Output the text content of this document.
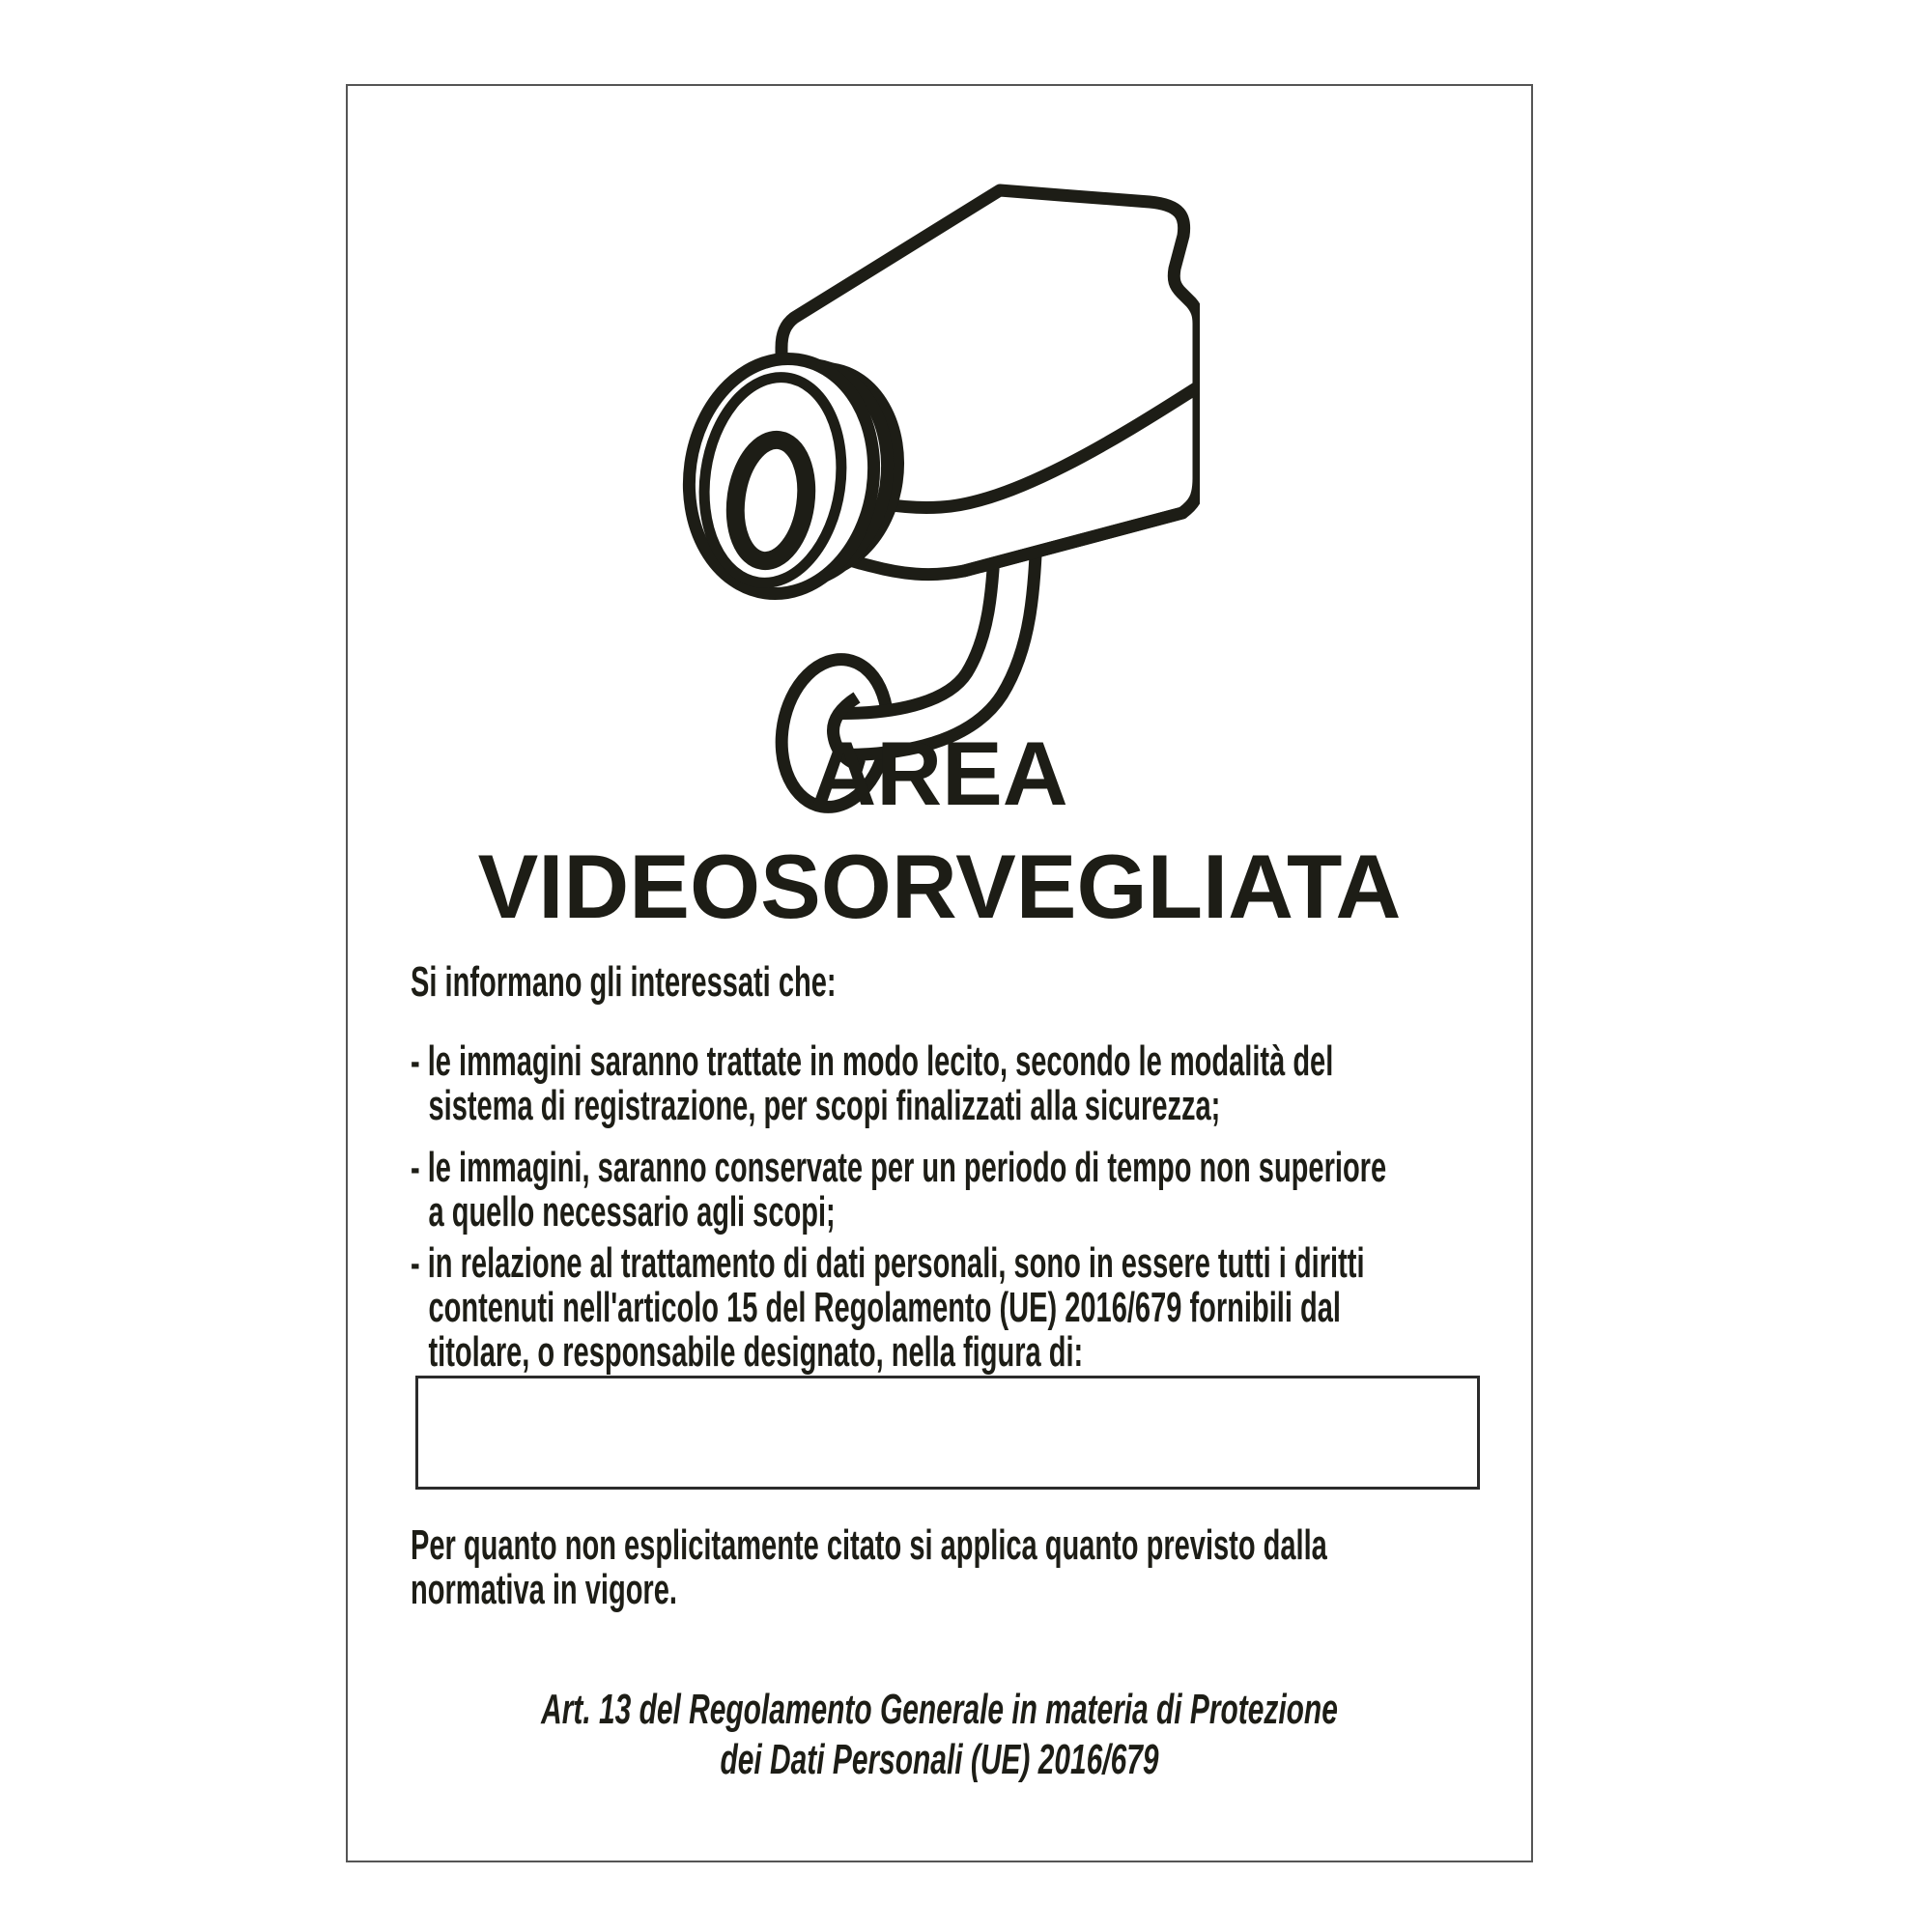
AREA
VIDEOSORVEGLIATA
Si informano gli interessati che:
- le immagini saranno trattate in modo lecito, secondo le modalità del
sistema di registrazione, per scopi finalizzati alla sicurezza;
- le immagini, saranno conservate per un periodo di tempo non superiore
a quello necessario agli scopi;
- in relazione al trattamento di dati personali, sono in essere tutti i diritti
contenuti nell'articolo 15 del Regolamento (UE) 2016/679 fornibili dal
titolare, o responsabile designato, nella figura di:
Per quanto non esplicitamente citato si applica quanto previsto dalla
normativa in vigore.
Art. 13 del Regolamento Generale in materia di Protezione
dei Dati Personali (UE) 2016/679
